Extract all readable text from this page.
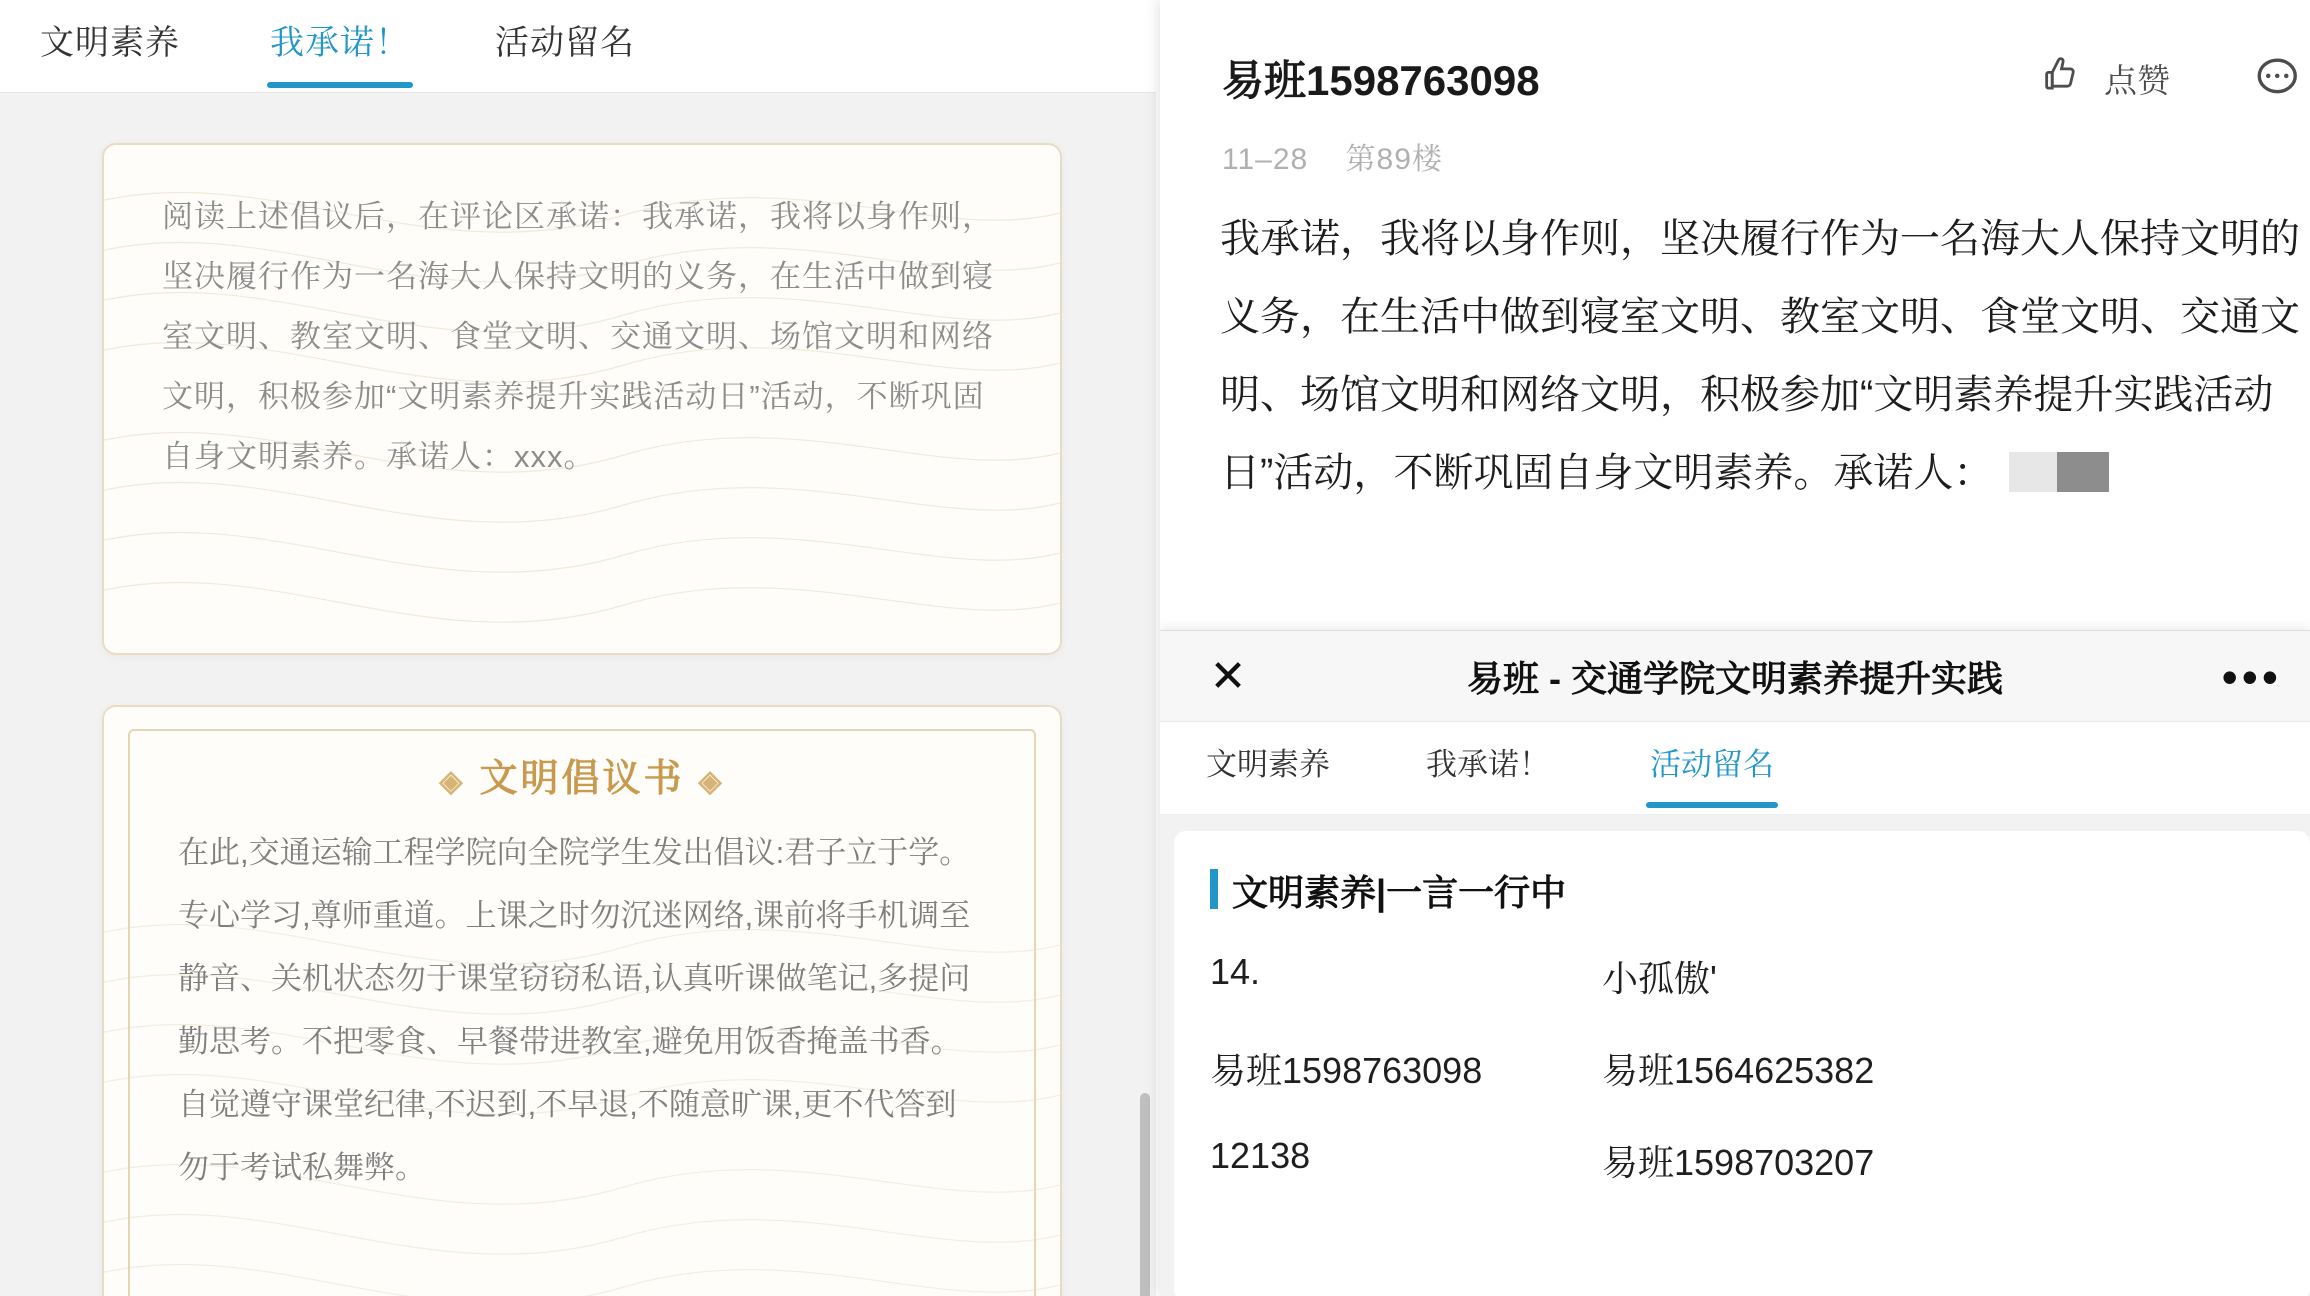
文明素养	我承诺！	活动留名
阅读上述倡议后，在评论区承诺：我承诺，我将以身作则，坚决履行作为一名海大人保持文明的义务，在生活中做到寝室文明、教室文明、食堂文明、交通文明、场馆文明和网络文明，积极参加“文明素养提升实践活动日”活动，不断巩固自身文明素养。承诺人：xxx。
◈ 文明倡议书 ◈
在此,交通运输工程学院向全院学生发出倡议:君子立于学。专心学习,尊师重道。上课之时勿沉迷网络,课前将手机调至静音、关机状态勿于课堂窃窃私语,认真听课做笔记,多提问勤思考。不把零食、早餐带进教室,避免用饭香掩盖书香。自觉遵守课堂纪律,不迟到,不早退,不随意旷课,更不代答到勿于考试私舞弊。
易班1598763098
11–28 第89楼
点赞
我承诺，我将以身作则，坚决履行作为一名海大人保持文明的义务，在生活中做到寝室文明、教室文明、食堂文明、交通文明、场馆文明和网络文明，积极参加“文明素养提升实践活动日”活动，不断巩固自身文明素养。承诺人：
✕	易班 - 交通学院文明素养提升实践	•••
文明素养	我承诺！	活动留名
文明素养|一言一行中
14.	小孤傲'
易班1598763098	易班1564625382
12138	易班1598703207
